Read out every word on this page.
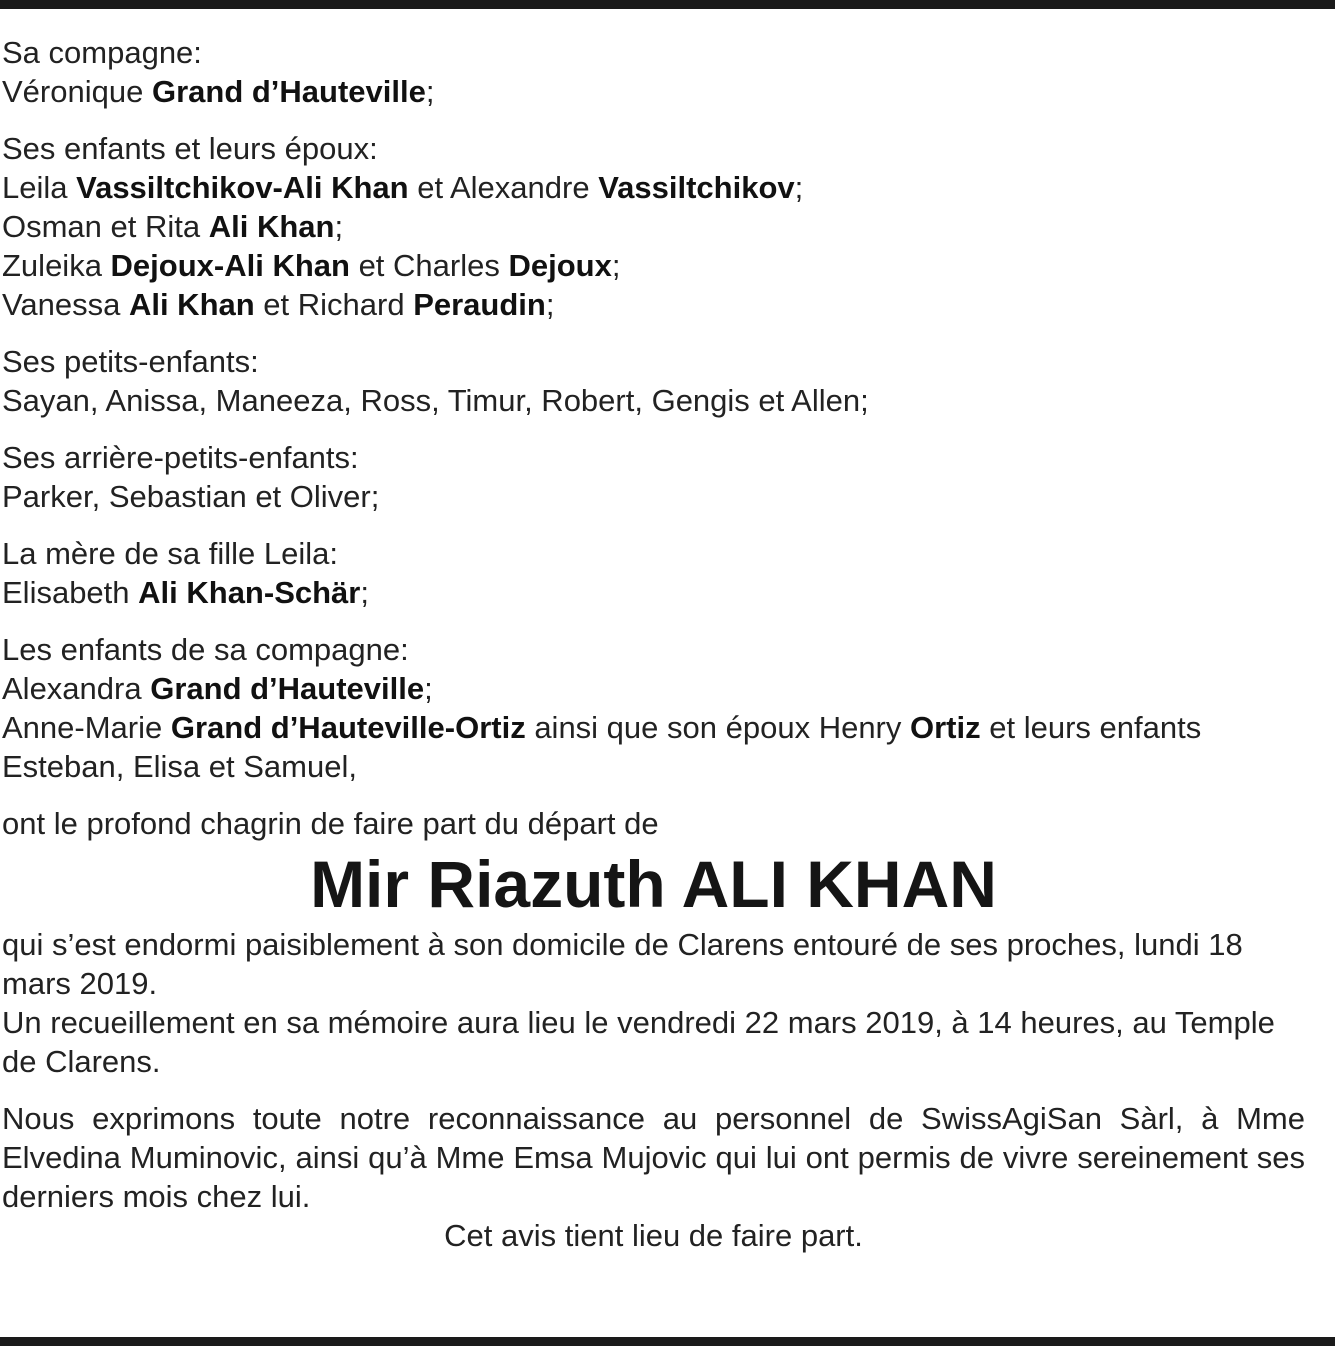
Sa compagne:

Véronique Grand d’Hauteville;

Ses enfants et leurs époux:

Leila Vassiltchikov-Ali Khan et Alexandre Vassiltchikov;

Osman et Rita Ali Khan;

Zuleika Dejoux-Ali Khan et Charles Dejoux;

Vanessa Ali Khan et Richard Peraudin;

Ses petits-enfants:

Sayan, Anissa, Maneeza, Ross, Timur, Robert, Gengis et Allen;

Ses arrière-petits-enfants:

Parker, Sebastian et Oliver;

La mère de sa fille Leila:

Elisabeth Ali Khan-Schär;

Les enfants de sa compagne:

Alexandra Grand d’Hauteville;

Anne-Marie Grand d’Hauteville-Ortiz ainsi que son époux Henry Ortiz et leurs enfants

Esteban, Elisa et Samuel,

ont le profond chagrin de faire part du départ de

Mir Riazuth ALI KHAN

qui s’est endormi paisiblement à son domicile de Clarens entouré de ses proches, lundi 18 mars 2019.

Un recueillement en sa mémoire aura lieu le vendredi 22 mars 2019, à 14 heures, au Temple de Clarens.

Nous exprimons toute notre reconnaissance au personnel de SwissAgiSan Sàrl, à Mme Elvedina Muminovic, ainsi qu’à Mme Emsa Mujovic qui lui ont permis de vivre sereinement ses derniers mois chez lui.

Cet avis tient lieu de faire part.
